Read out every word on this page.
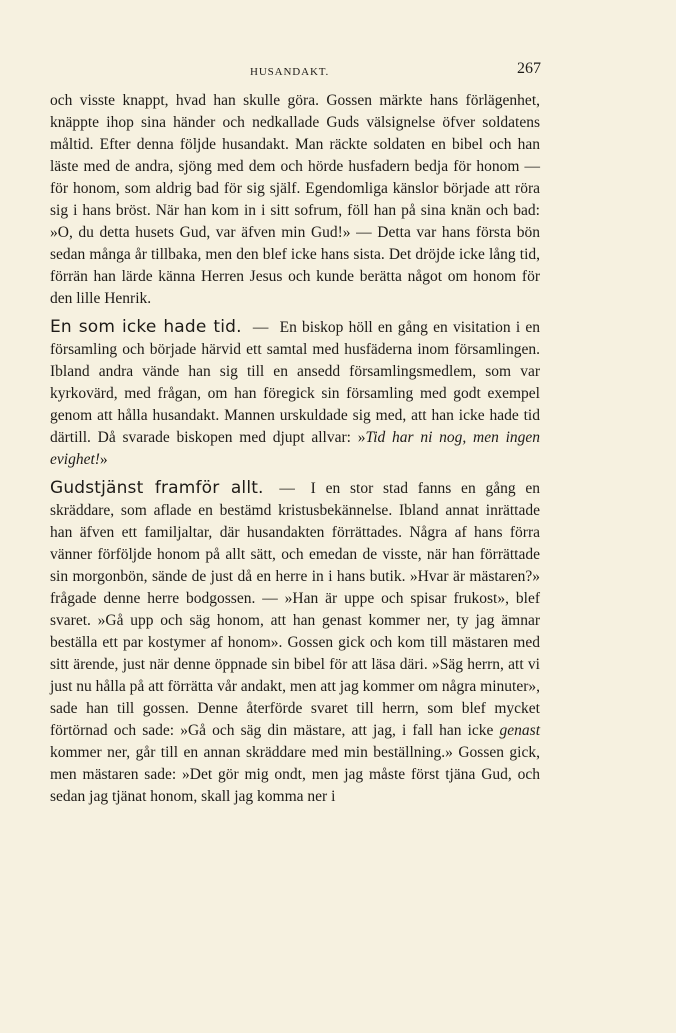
HUSANDAKT.	267

och visste knappt, hvad han skulle göra. Gossen märkte hans förlägenhet, knäppte ihop sina händer och nedkallade Guds välsignelse öfver soldatens måltid. Efter denna följde husandakt. Man räckte soldaten en bibel och han läste med de andra, sjöng med dem och hörde husfadern bedja för honom — för honom, som aldrig bad för sig själf. Egendomliga känslor började att röra sig i hans bröst. När han kom in i sitt sofrum, föll han på sina knän och bad: »O, du detta husets Gud, var äfven min Gud!» — Detta var hans första bön sedan många år tillbaka, men den blef icke hans sista. Det dröjde icke lång tid, förrän han lärde känna Herren Jesus och kunde berätta något om honom för den lille Henrik.

En som icke hade tid. — En biskop höll en gång en visitation i en församling och började härvid ett samtal med husfäderna inom församlingen. Ibland andra vände han sig till en ansedd församlingsmedlem, som var kyrkovärd, med frågan, om han föregick sin församling med godt exempel genom att hålla husandakt. Mannen urskuldade sig med, att han icke hade tid därtill. Då svarade biskopen med djupt allvar: »Tid har ni nog, men ingen evighet!»

Gudstjänst framför allt. — I en stor stad fanns en gång en skräddare, som aflade en bestämd kristusbekännelse. Ibland annat inrättade han äfven ett familjaltar, där husandakten förrättades. Några af hans förra vänner förföljde honom på allt sätt, och emedan de visste, när han förrättade sin morgonbön, sände de just då en herre in i hans butik. »Hvar är mästaren?» frågade denne herre bodgossen. — »Han är uppe och spisar frukost», blef svaret. »Gå upp och säg honom, att han genast kommer ner, ty jag ämnar beställa ett par kostymer af honom». Gossen gick och kom till mästaren med sitt ärende, just när denne öppnade sin bibel för att läsa däri. »Säg herrn, att vi just nu hålla på att förrätta vår andakt, men att jag kommer om några minuter», sade han till gossen. Denne återförde svaret till herrn, som blef mycket förtörnad och sade: »Gå och säg din mästare, att jag, i fall han icke genast kommer ner, går till en annan skräddare med min beställning.» Gossen gick, men mästaren sade: »Det gör mig ondt, men jag måste först tjäna Gud, och sedan jag tjänat honom, skall jag komma ner i
